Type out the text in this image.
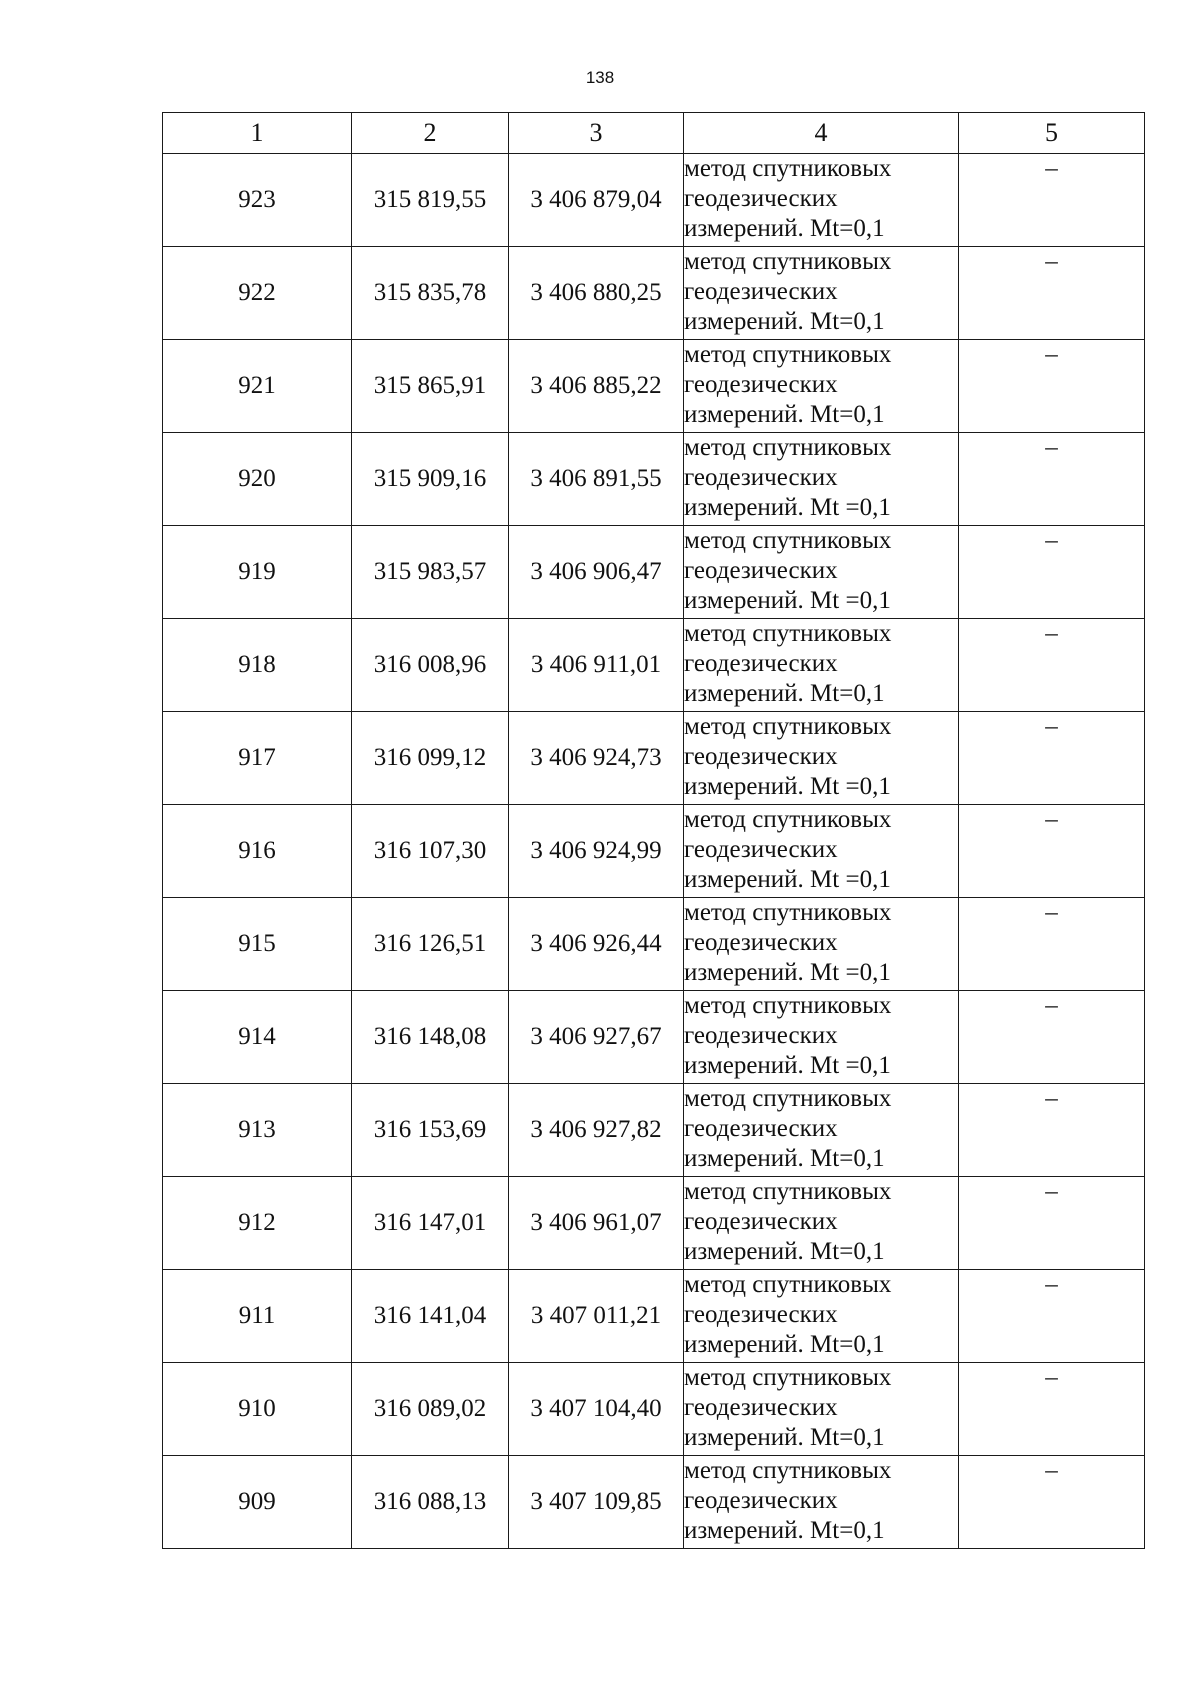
138
1	2	3	4	5
923	315 819,55	3 406 879,04	метод спутниковых
геодезических
измерений. Mt=0,1	–
922	315 835,78	3 406 880,25	метод спутниковых
геодезических
измерений. Mt=0,1	–
921	315 865,91	3 406 885,22	метод спутниковых
геодезических
измерений. Mt=0,1	–
920	315 909,16	3 406 891,55	метод спутниковых
геодезических
измерений. Mt =0,1	–
919	315 983,57	3 406 906,47	метод спутниковых
геодезических
измерений. Mt =0,1	–
918	316 008,96	3 406 911,01	метод спутниковых
геодезических
измерений. Mt=0,1	–
917	316 099,12	3 406 924,73	метод спутниковых
геодезических
измерений. Mt =0,1	–
916	316 107,30	3 406 924,99	метод спутниковых
геодезических
измерений. Mt =0,1	–
915	316 126,51	3 406 926,44	метод спутниковых
геодезических
измерений. Mt =0,1	–
914	316 148,08	3 406 927,67	метод спутниковых
геодезических
измерений. Mt =0,1	–
913	316 153,69	3 406 927,82	метод спутниковых
геодезических
измерений. Mt=0,1	–
912	316 147,01	3 406 961,07	метод спутниковых
геодезических
измерений. Mt=0,1	–
911	316 141,04	3 407 011,21	метод спутниковых
геодезических
измерений. Mt=0,1	–
910	316 089,02	3 407 104,40	метод спутниковых
геодезических
измерений. Mt=0,1	–
909	316 088,13	3 407 109,85	метод спутниковых
геодезических
измерений. Mt=0,1	–
